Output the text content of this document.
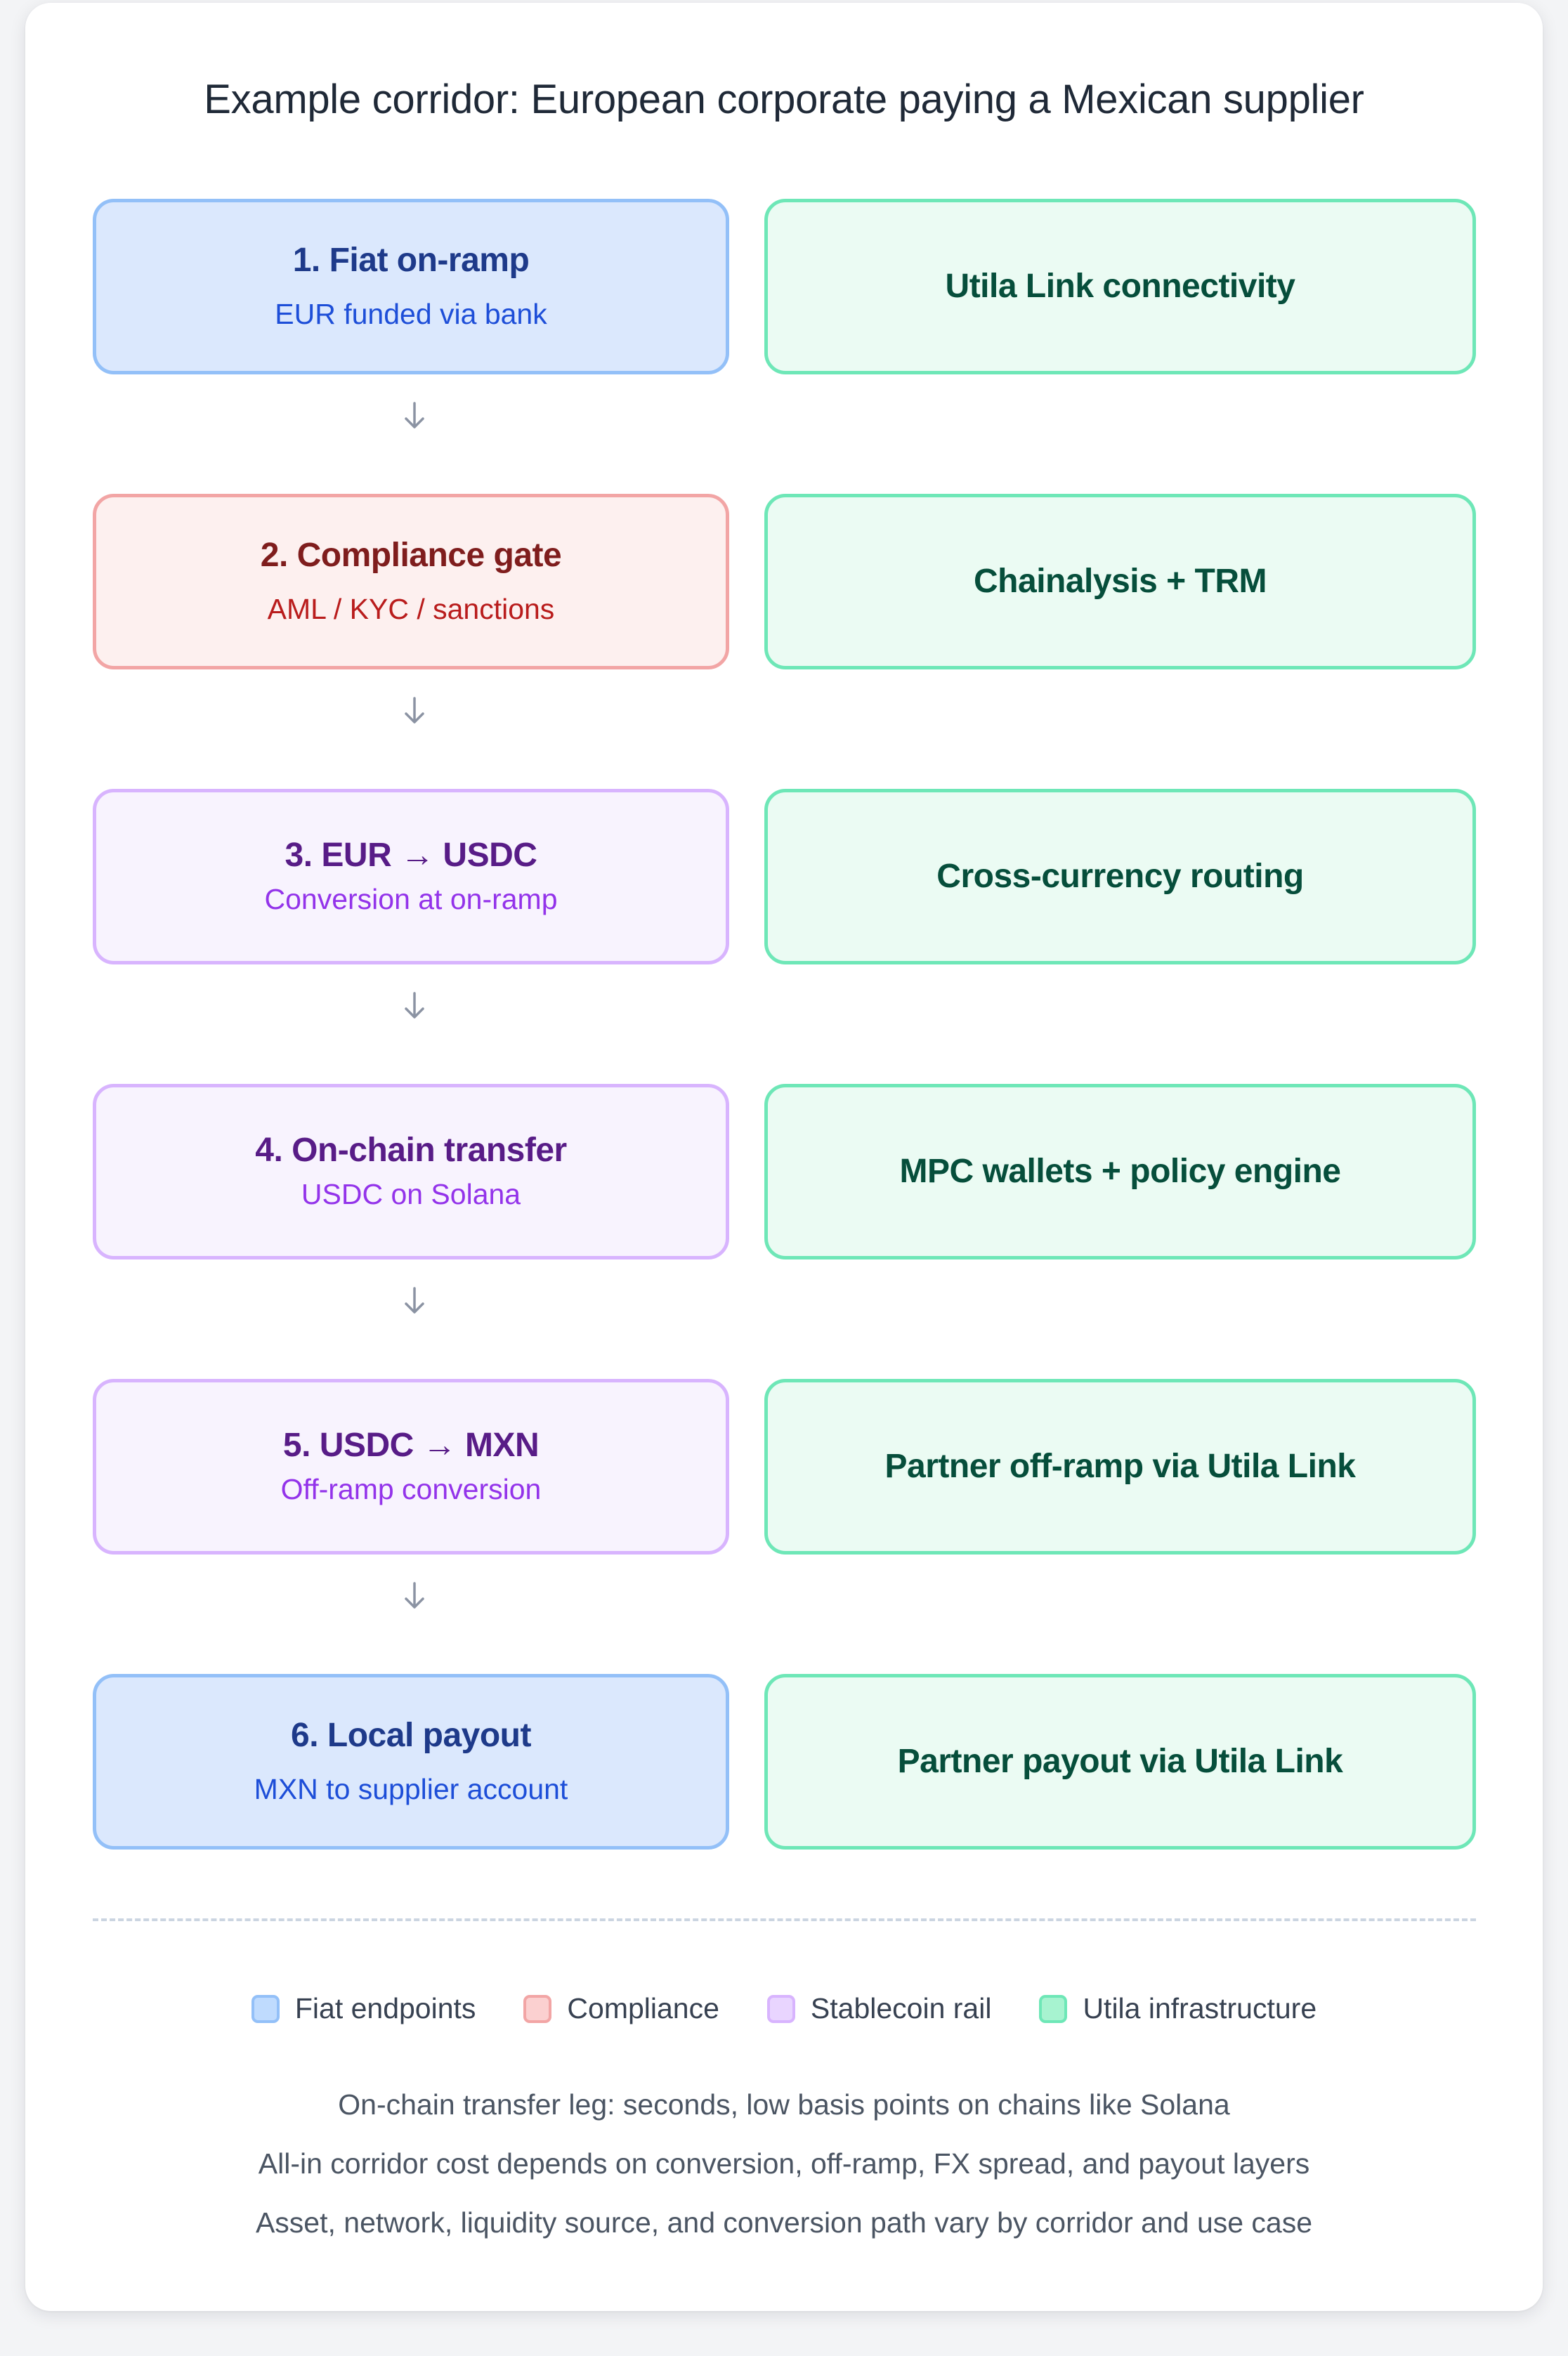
Example corridor: European corporate paying a Mexican supplier
1. Fiat on-ramp
EUR funded via bank
Utila Link connectivity
2. Compliance gate
AML / KYC / sanctions
Chainalysis + TRM
3. EUR → USDC
Conversion at on-ramp
Cross-currency routing
4. On-chain transfer
USDC on Solana
MPC wallets + policy engine
5. USDC → MXN
Off-ramp conversion
Partner off-ramp via Utila Link
6. Local payout
MXN to supplier account
Partner payout via Utila Link
Fiat endpoints	Compliance	Stablecoin rail	Utila infrastructure
On-chain transfer leg: seconds, low basis points on chains like Solana
All-in corridor cost depends on conversion, off-ramp, FX spread, and payout layers
Asset, network, liquidity source, and conversion path vary by corridor and use case
